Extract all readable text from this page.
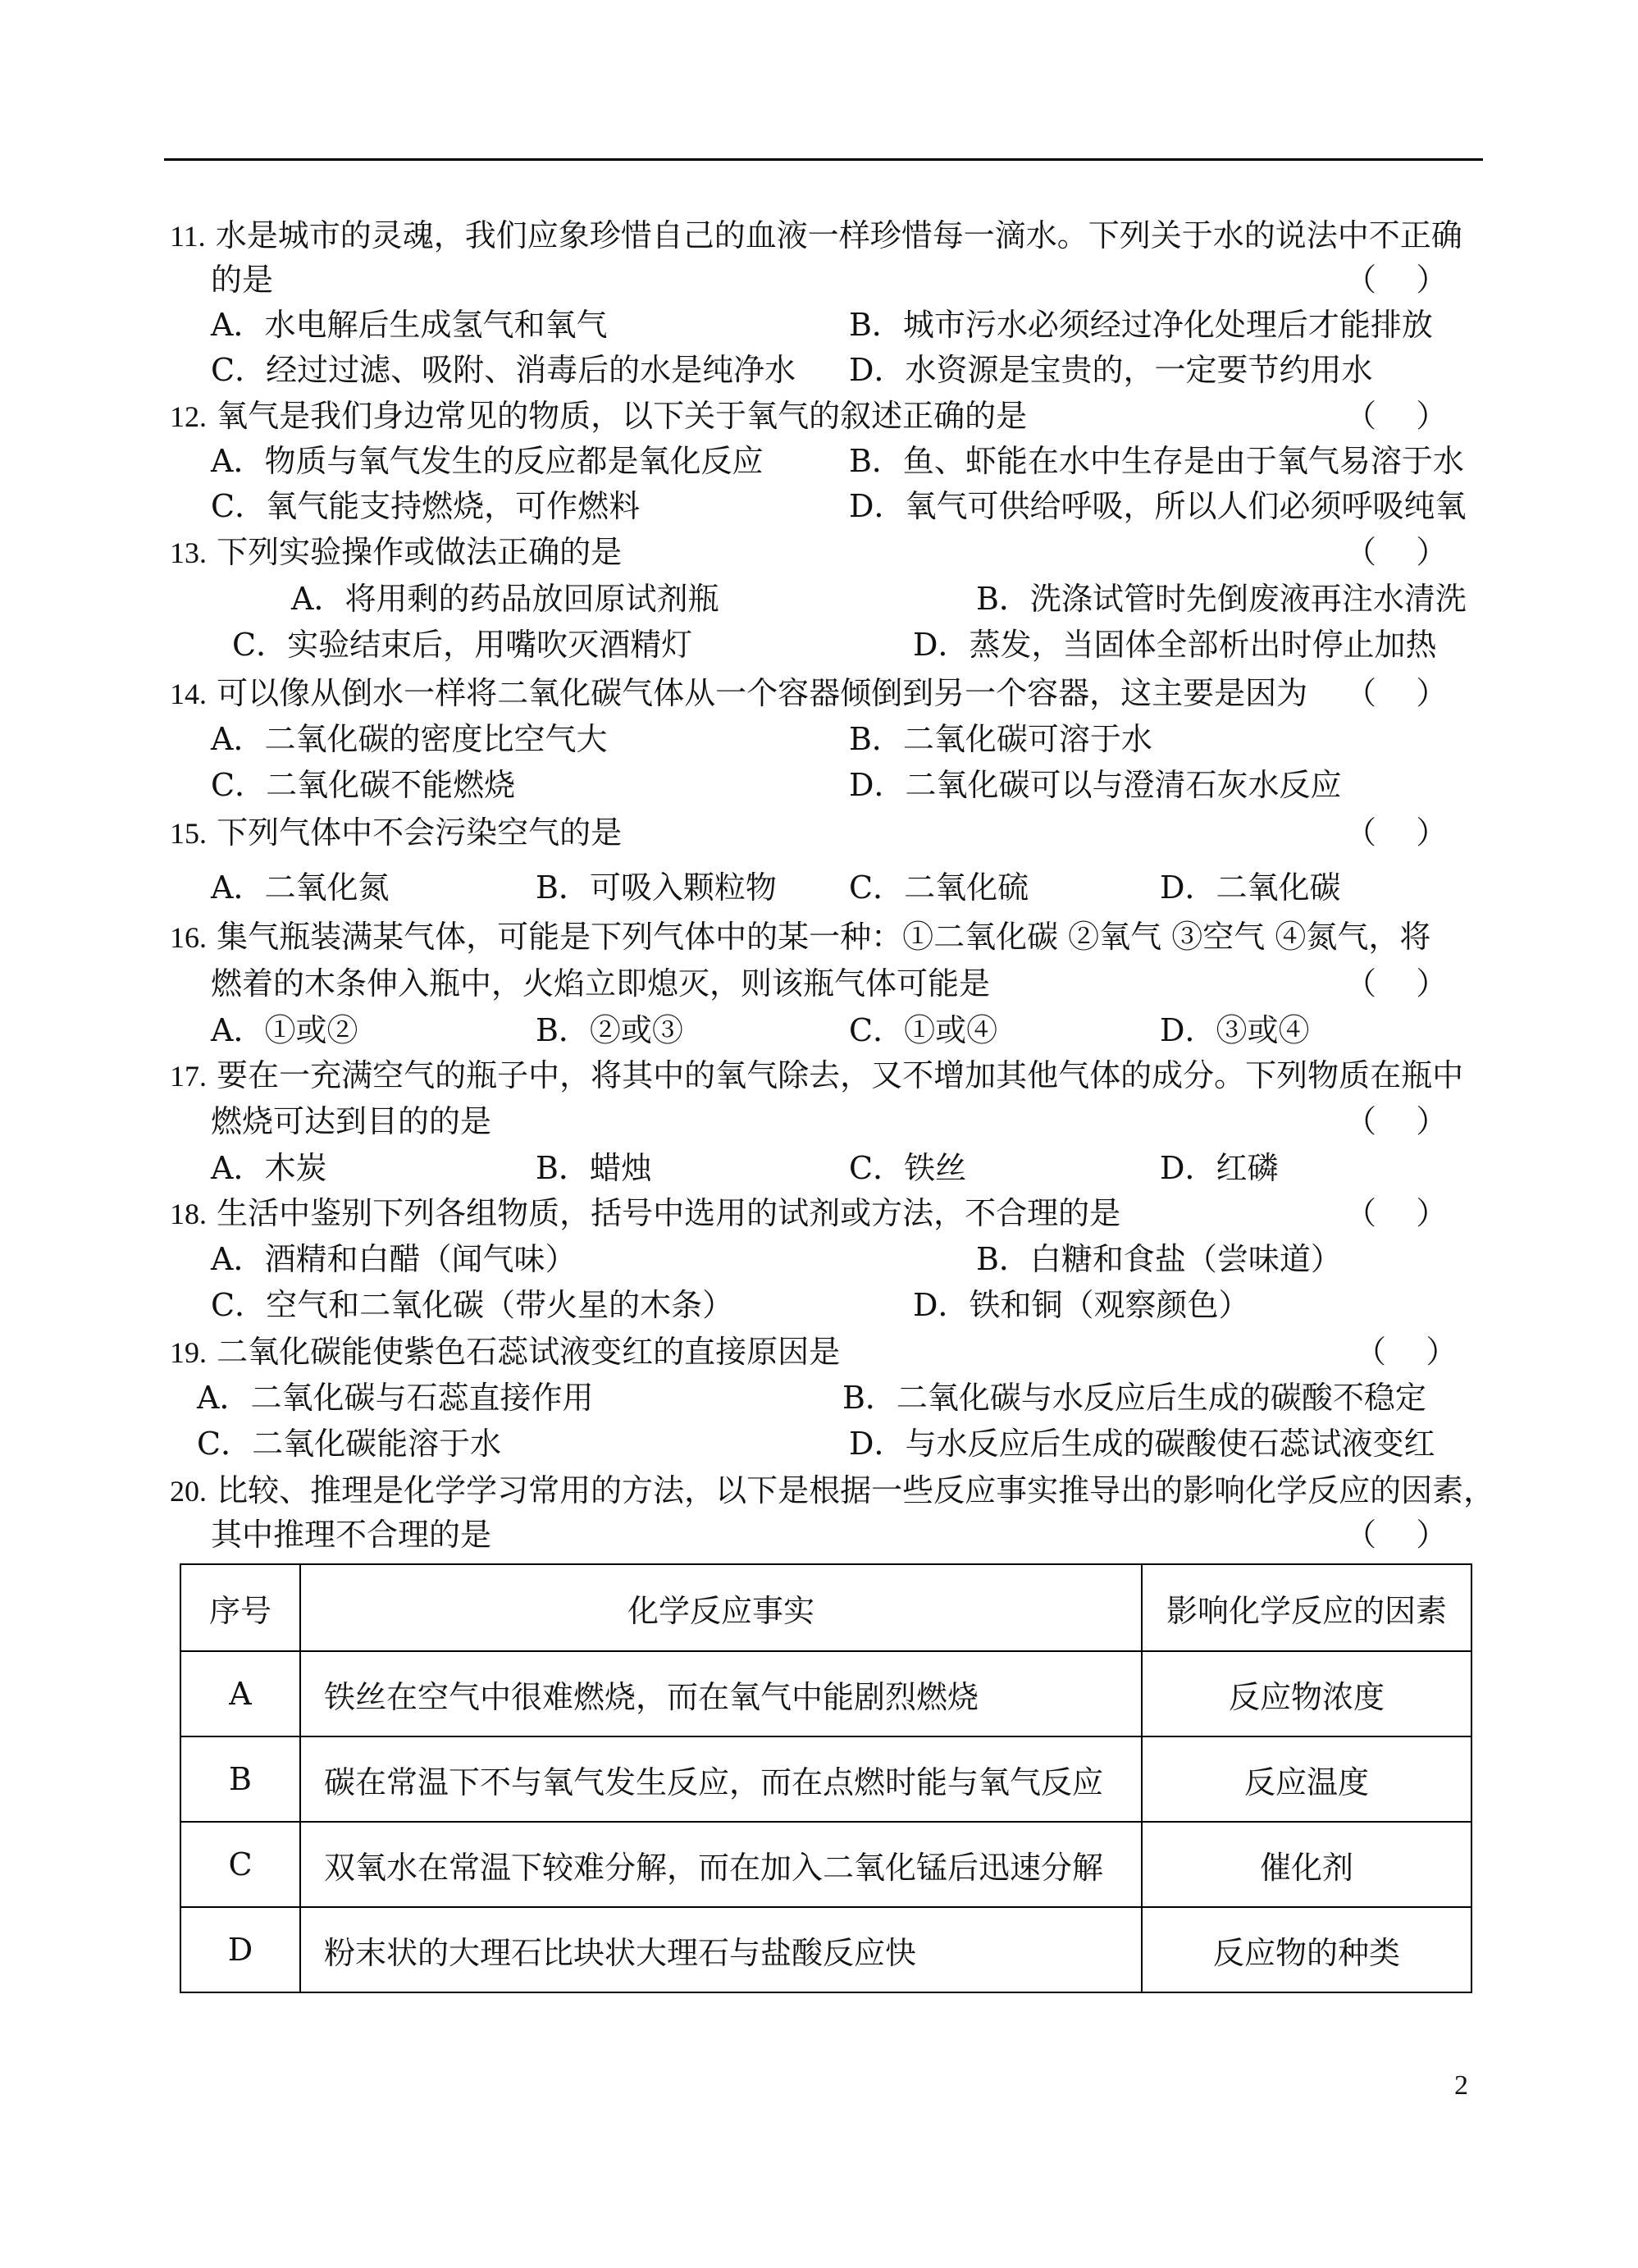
11. 水是城市的灵魂，我们应象珍惜自己的血液一样珍惜每一滴水。下列关于水的说法中不正确
的是	（    ）
A．水电解后生成氢气和氧气	B．城市污水必须经过净化处理后才能排放
C．经过过滤、吸附、消毒后的水是纯净水 D．水资源是宝贵的，一定要节约用水
12. 氧气是我们身边常见的物质，以下关于氧气的叙述正确的是	（    ）
A．物质与氧气发生的反应都是氧化反应	B．鱼、虾能在水中生存是由于氧气易溶于水
C．氧气能支持燃烧，可作燃料	D．氧气可供给呼吸，所以人们必须呼吸纯氧
13. 下列实验操作或做法正确的是	（    ）
A．将用剩的药品放回原试剂瓶	B．洗涤试管时先倒废液再注水清洗
C．实验结束后，用嘴吹灭酒精灯	D．蒸发，当固体全部析出时停止加热
14. 可以像从倒水一样将二氧化碳气体从一个容器倾倒到另一个容器，这主要是因为 （    ）
A．二氧化碳的密度比空气大	B．二氧化碳可溶于水
C．二氧化碳不能燃烧	D．二氧化碳可以与澄清石灰水反应
15. 下列气体中不会污染空气的是	（    ）
A．二氧化氮	B．可吸入颗粒物 C．二氧化硫	D．二氧化碳
16. 集气瓶装满某气体，可能是下列气体中的某一种：①二氧化碳 ②氧气 ③空气 ④氮气，将
燃着的木条伸入瓶中，火焰立即熄灭，则该瓶气体可能是	（    ）
A．①或②	B．②或③	C．①或④	D．③或④
17. 要在一充满空气的瓶子中，将其中的氧气除去，又不增加其他气体的成分。下列物质在瓶中
燃烧可达到目的的是	（    ）
A．木炭	B．蜡烛	C．铁丝	D．红磷
18. 生活中鉴别下列各组物质，括号中选用的试剂或方法，不合理的是	（    ）
A．酒精和白醋（闻气味）	B．白糖和食盐（尝味道）
C．空气和二氧化碳（带火星的木条）	D．铁和铜（观察颜色）
19. 二氧化碳能使紫色石蕊试液变红的直接原因是	（    ）
A．二氧化碳与石蕊直接作用	B．二氧化碳与水反应后生成的碳酸不稳定
C．二氧化碳能溶于水	D．与水反应后生成的碳酸使石蕊试液变红
20. 比较、推理是化学学习常用的方法，以下是根据一些反应事实推导出的影响化学反应的因素，
其中推理不合理的是	（    ）
序号	化学反应事实	影响化学反应的因素
A	铁丝在空气中很难燃烧，而在氧气中能剧烈燃烧	反应物浓度
B	碳在常温下不与氧气发生反应，而在点燃时能与氧气反应	反应温度
C	双氧水在常温下较难分解，而在加入二氧化锰后迅速分解	催化剂
D	粉末状的大理石比块状大理石与盐酸反应快	反应物的种类
2
